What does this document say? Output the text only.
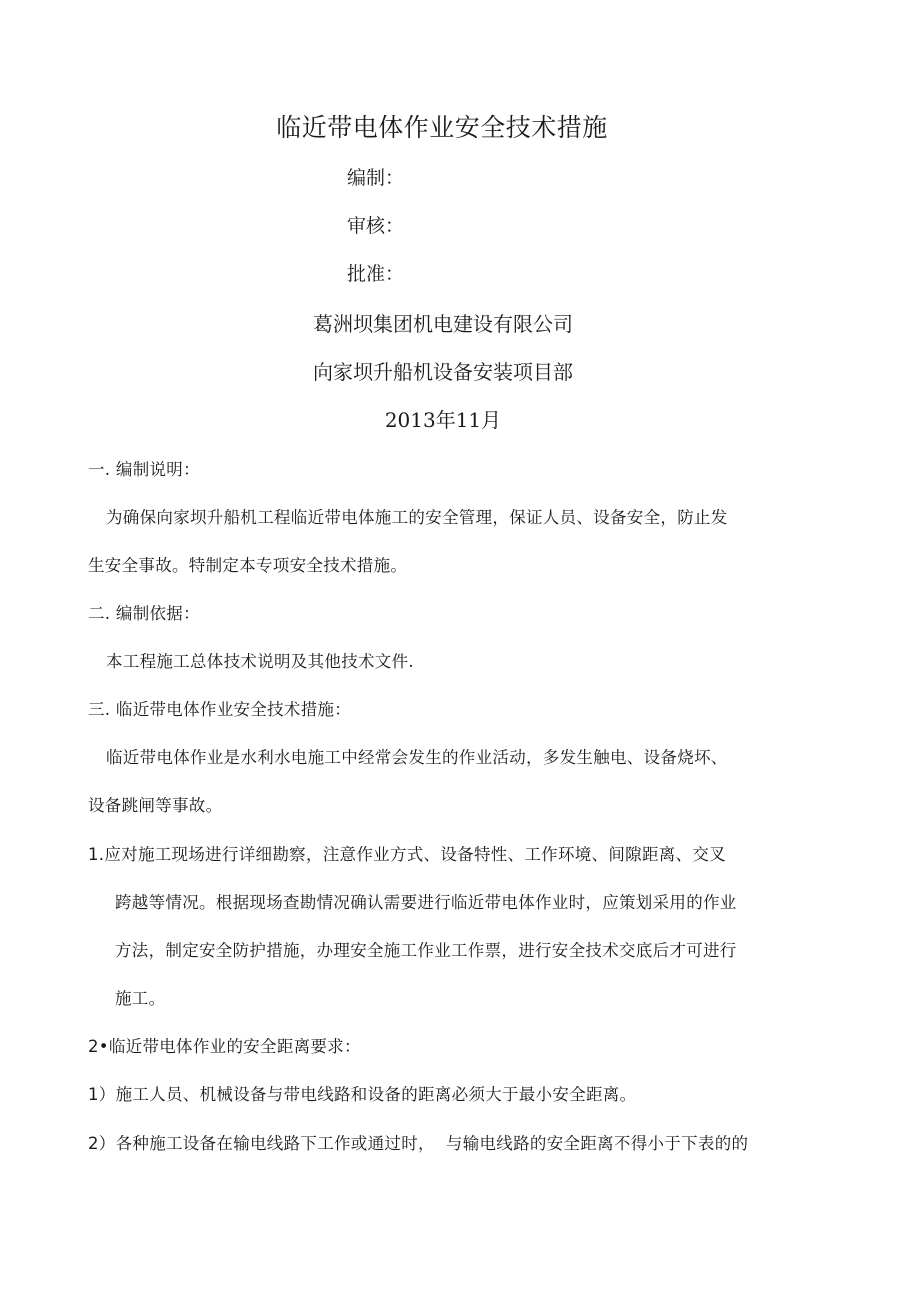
临近带电体作业安全技术措施
编制：
审核：
批准：
葛洲坝集团机电建设有限公司
向家坝升船机设备安装项目部
2013年11月
一. 编制说明：
为确保向家坝升船机工程临近带电体施工的安全管理，保证人员、设备安全，防止发
生安全事故。特制定本专项安全技术措施。
二. 编制依据：
本工程施工总体技术说明及其他技术文件.
三. 临近带电体作业安全技术措施：
临近带电体作业是水利水电施工中经常会发生的作业活动，多发生触电、设备烧坏、
设备跳闸等事故。
1.应对施工现场进行详细勘察，注意作业方式、设备特性、工作环境、间隙距离、交叉
跨越等情况。根据现场查勘情况确认需要进行临近带电体作业时，应策划采用的作业
方法，制定安全防护措施，办理安全施工作业工作票，进行安全技术交底后才可进行
施工。
2•临近带电体作业的安全距离要求：
1）施工人员、机械设备与带电线路和设备的距离必须大于最小安全距离。
2）各种施工设备在输电线路下工作或通过时，  与输电线路的安全距离不得小于下表的的
